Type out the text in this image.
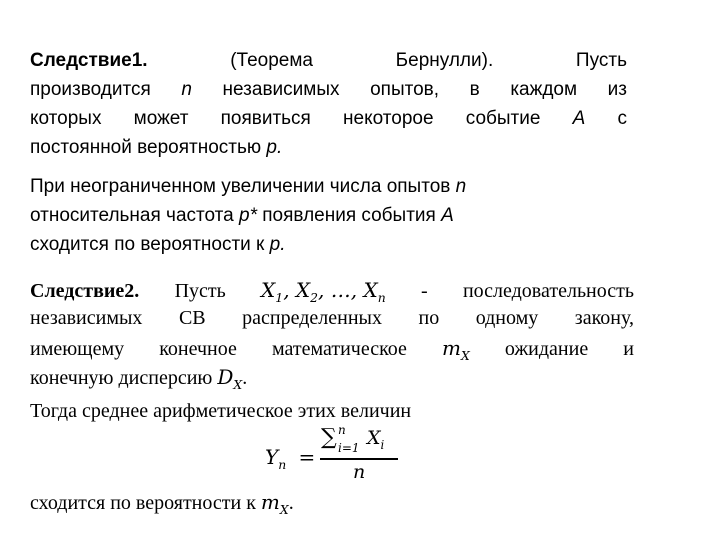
Следствие1.	(Теорема	Бернулли).	Пусть
производится n независимых опытов, в каждом из
которых может появиться некоторое событие A с
постоянной вероятностью
p.
При неограниченном увеличении числа опытов
n
относительная частота
p*
появления события
A
сходится по вероятности к
p.
Следствие2. Пусть $X_1$, $X_2$, …, $X_n$ - последовательность
независимых СВ распределенных по одному закону,
имеющему конечное математическое $m_X$ ожидание и
конечную дисперсию
$D_X$ .
Тогда среднее арифметическое этих величин
$Y_n$ =
∑ n
i=1 $X_i$
n
сходится по вероятности к $m_X$.
